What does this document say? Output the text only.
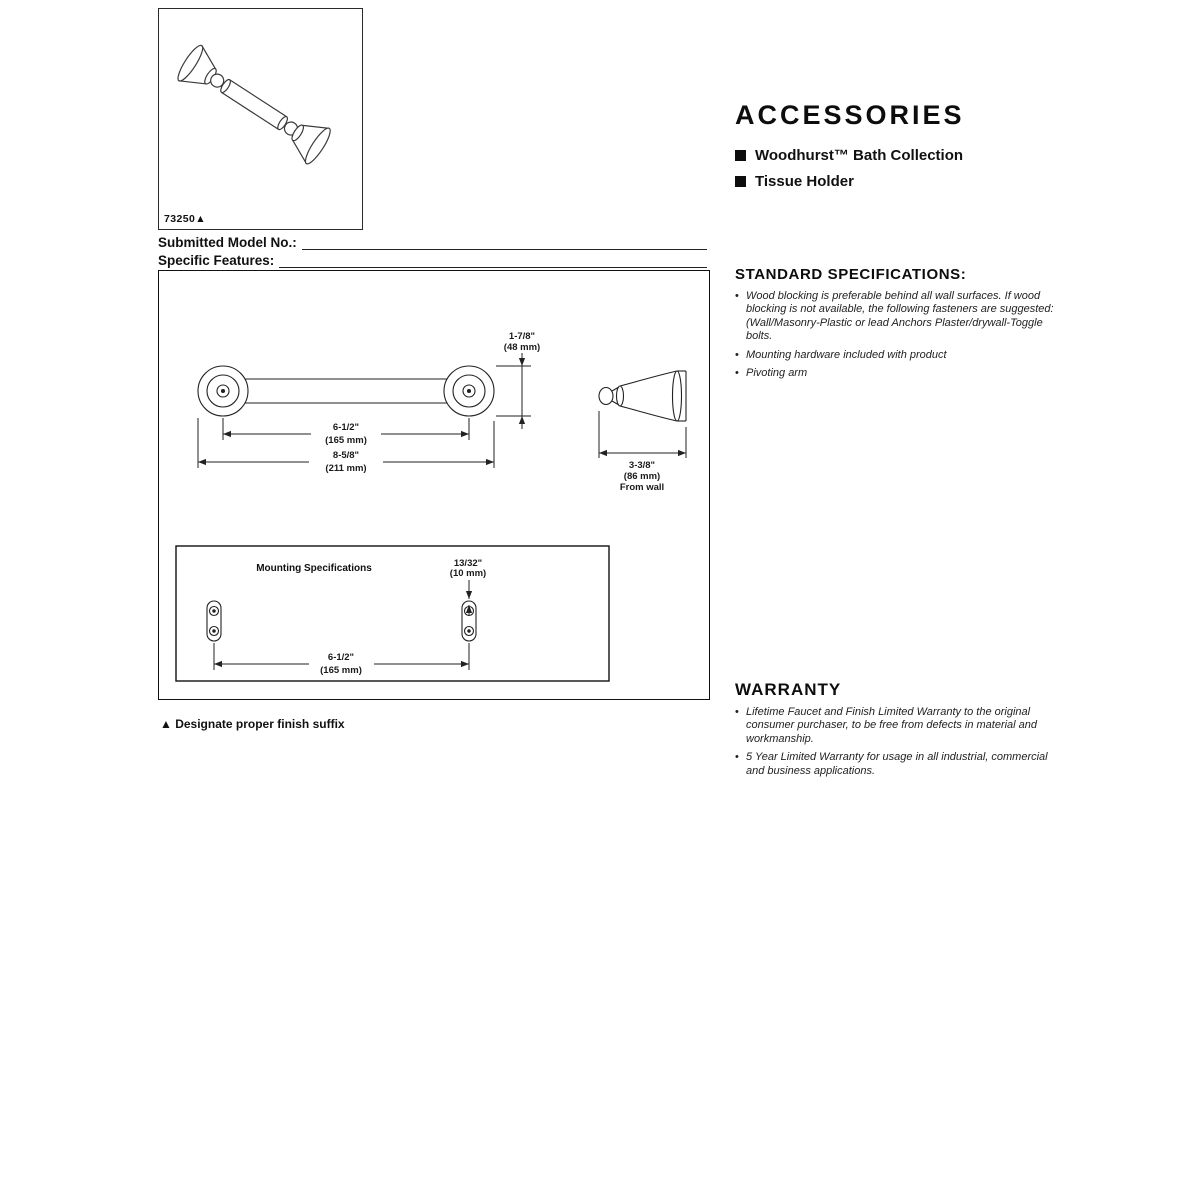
73250▲
Submitted Model No.:
Specific Features:
1-7/8"
(48 mm)
6-1/2"
(165 mm)
8-5/8"
(211 mm)	3-3/8"
(86 mm)
From wall
Mounting Specifications	13/32"
(10 mm)
6-1/2"
(165 mm)
▲ Designate proper finish suffix
ACCESSORIES
Woodhurst™ Bath Collection
Tissue Holder
STANDARD SPECIFICATIONS:
• Wood blocking is preferable behind all wall surfaces. If wood blocking is not available, the following fasteners are suggested: (Wall/Masonry-Plastic or lead Anchors Plaster/drywall-Toggle bolts.
• Mounting hardware included with product
• Pivoting arm
WARRANTY
• Lifetime Faucet and Finish Limited Warranty to the original consumer purchaser, to be free from defects in material and workmanship.
• 5 Year Limited Warranty for usage in all industrial, commercial and business applications.
